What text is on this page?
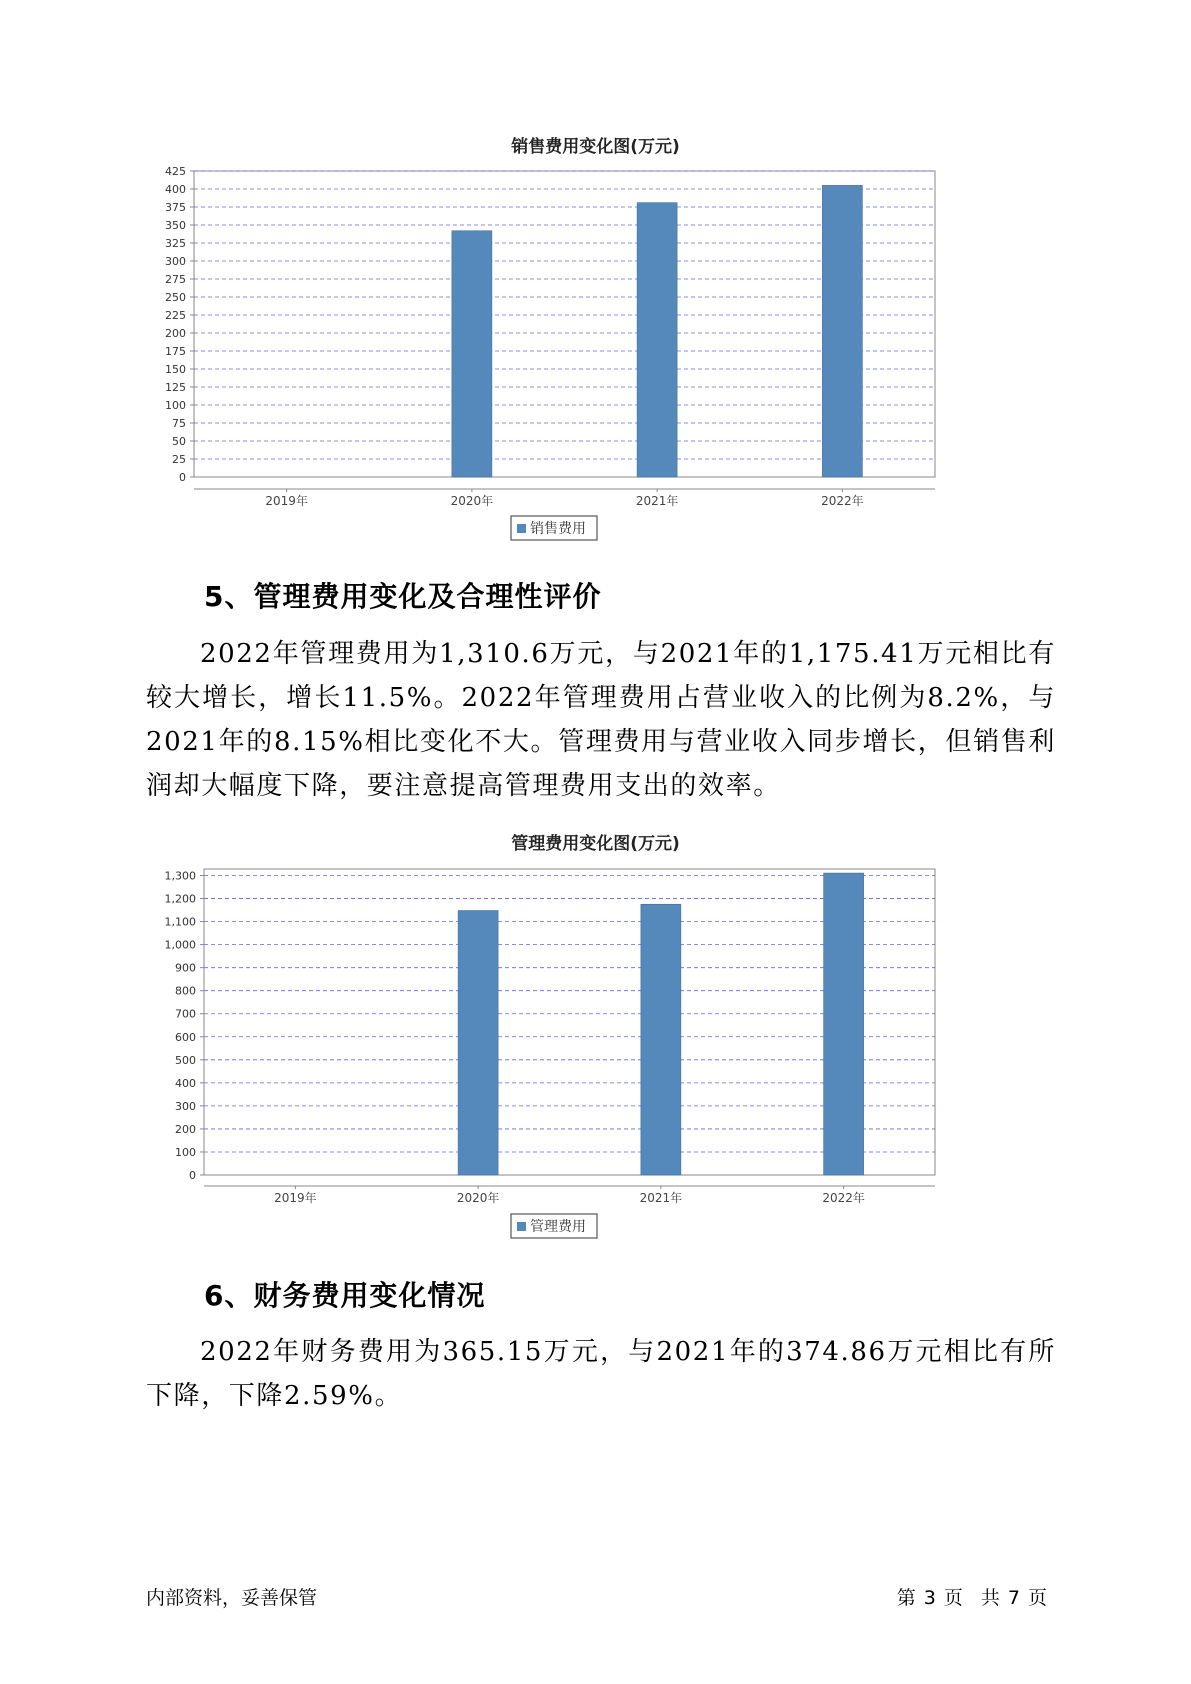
销售费用变化图(万元)
0
25
50
75
100
125
150
175
200
225
250
275
300
325
350
375
400
425
2019年	2020年	2021年	2022年
销售费用
5、管理费用变化及合理性评价

2022年管理费用为1,310.6万元，与2021年的1,175.41万元相比有较大增长，增长11.5%。2022年管理费用占营业收入的比例为8.2%，与2021年的8.15%相比变化不大。管理费用与营业收入同步增长，但销售利润却大幅度下降，要注意提高管理费用支出的效率。

管理费用变化图(万元)
0
100
200
300
400
500
600
700
800
900
1,000
1,100
1,200
1,300
2019年	2020年	2021年	2022年
管理费用
6、财务费用变化情况

2022年财务费用为365.15万元，与2021年的374.86万元相比有所下降，下降2.59%。

内部资料，妥善保管	第 3 页 共 7 页
